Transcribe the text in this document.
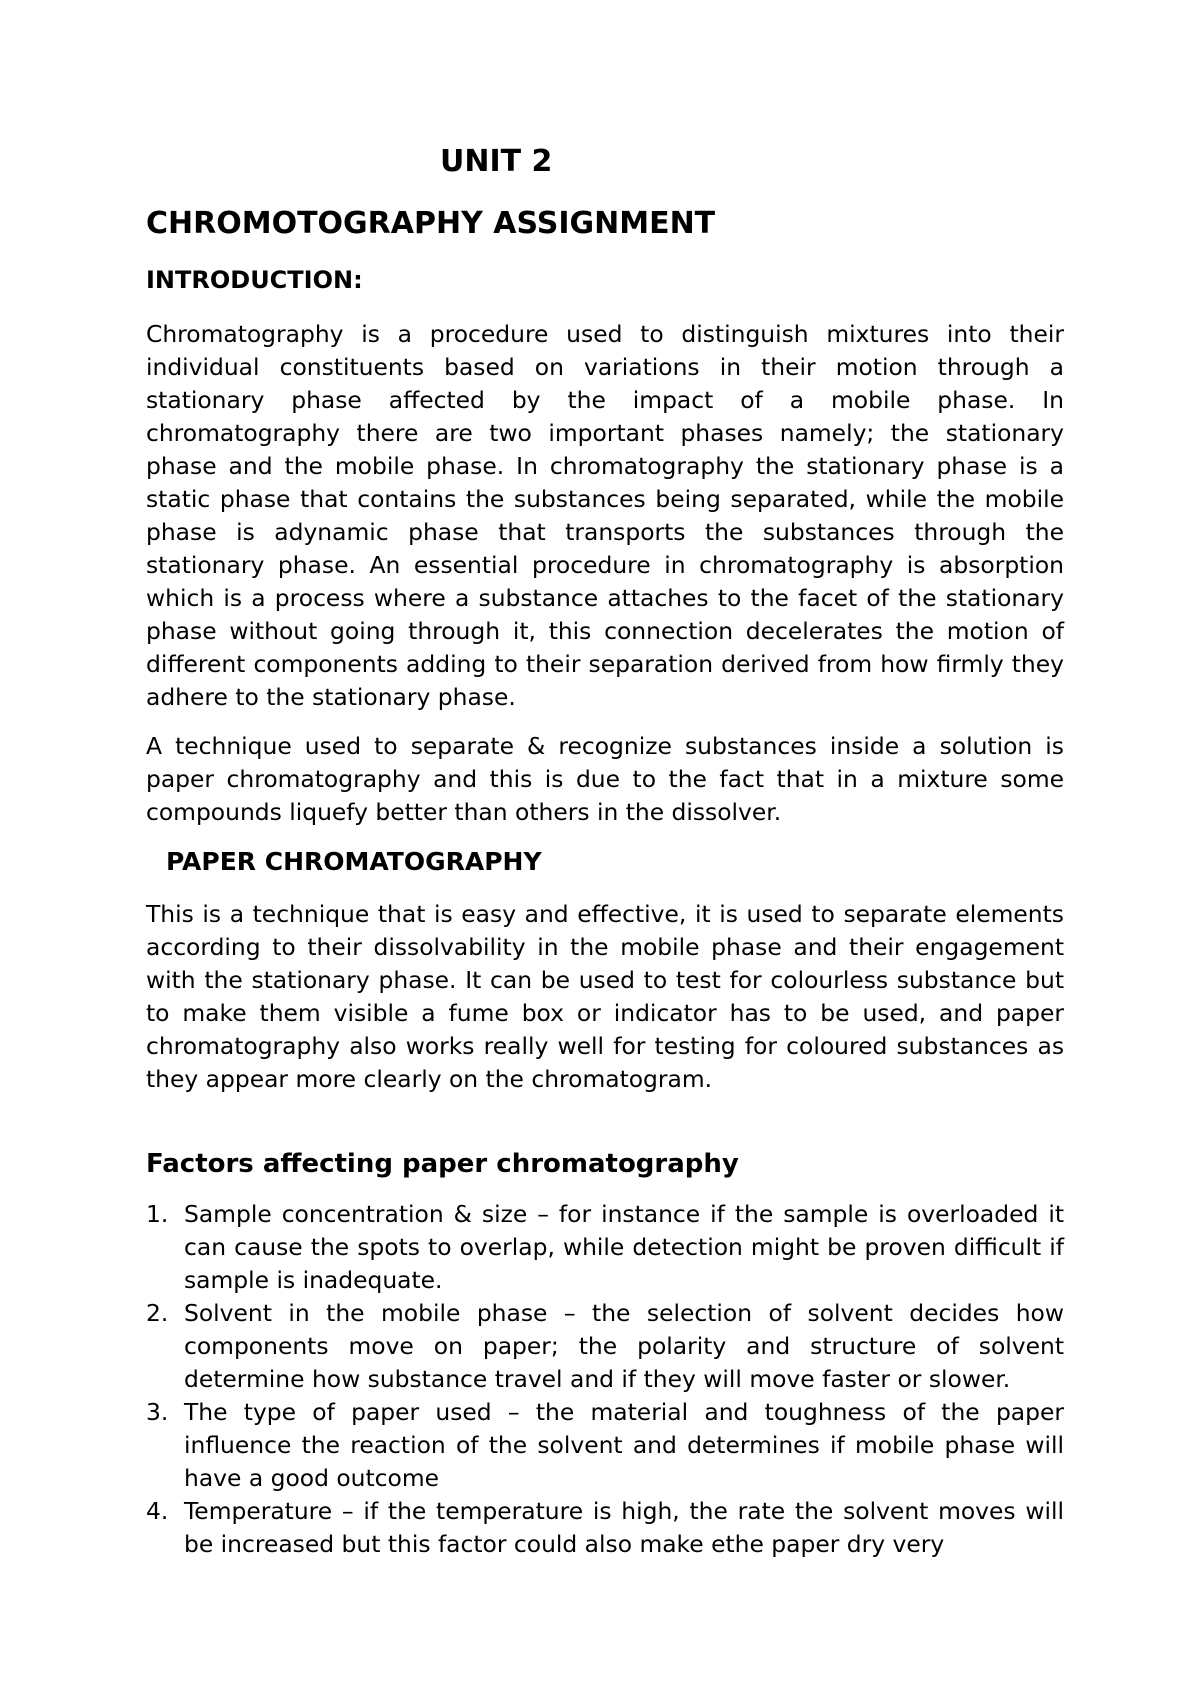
UNIT 2
CHROMOTOGRAPHY ASSIGNMENT
INTRODUCTION:

Chromatography is a procedure used to distinguish mixtures into their individual constituents based on variations in their motion through a stationary phase affected by the impact of a mobile phase. In chromatography there are two important phases namely; the stationary phase and the mobile phase. In chromatography the stationary phase is a static phase that contains the substances being separated, while the mobile phase is adynamic phase that transports the substances through the stationary phase. An essential procedure in chromatography is absorption which is a process where a substance attaches to the facet of the stationary phase without going through it, this connection decelerates the motion of different components adding to their separation derived from how firmly they adhere to the stationary phase.

A technique used to separate & recognize substances inside a solution is paper chromatography and this is due to the fact that in a mixture some compounds liquefy better than others in the dissolver.

PAPER CHROMATOGRAPHY

This is a technique that is easy and effective, it is used to separate elements according to their dissolvability in the mobile phase and their engagement with the stationary phase. It can be used to test for colourless substance but to make them visible a fume box or indicator has to be used, and paper chromatography also works really well for testing for coloured substances as they appear more clearly on the chromatogram.

Factors affecting paper chromatography
1. Sample concentration & size – for instance if the sample is overloaded it can cause the spots to overlap, while detection might be proven difficult if sample is inadequate.
2. Solvent in the mobile phase – the selection of solvent decides how components move on paper; the polarity and structure of solvent determine how substance travel and if they will move faster or slower.
3. The type of paper used – the material and toughness of the paper influence the reaction of the solvent and determines if mobile phase will have a good outcome
4. Temperature – if the temperature is high, the rate the solvent moves will be increased but this factor could also make ethe paper dry very
